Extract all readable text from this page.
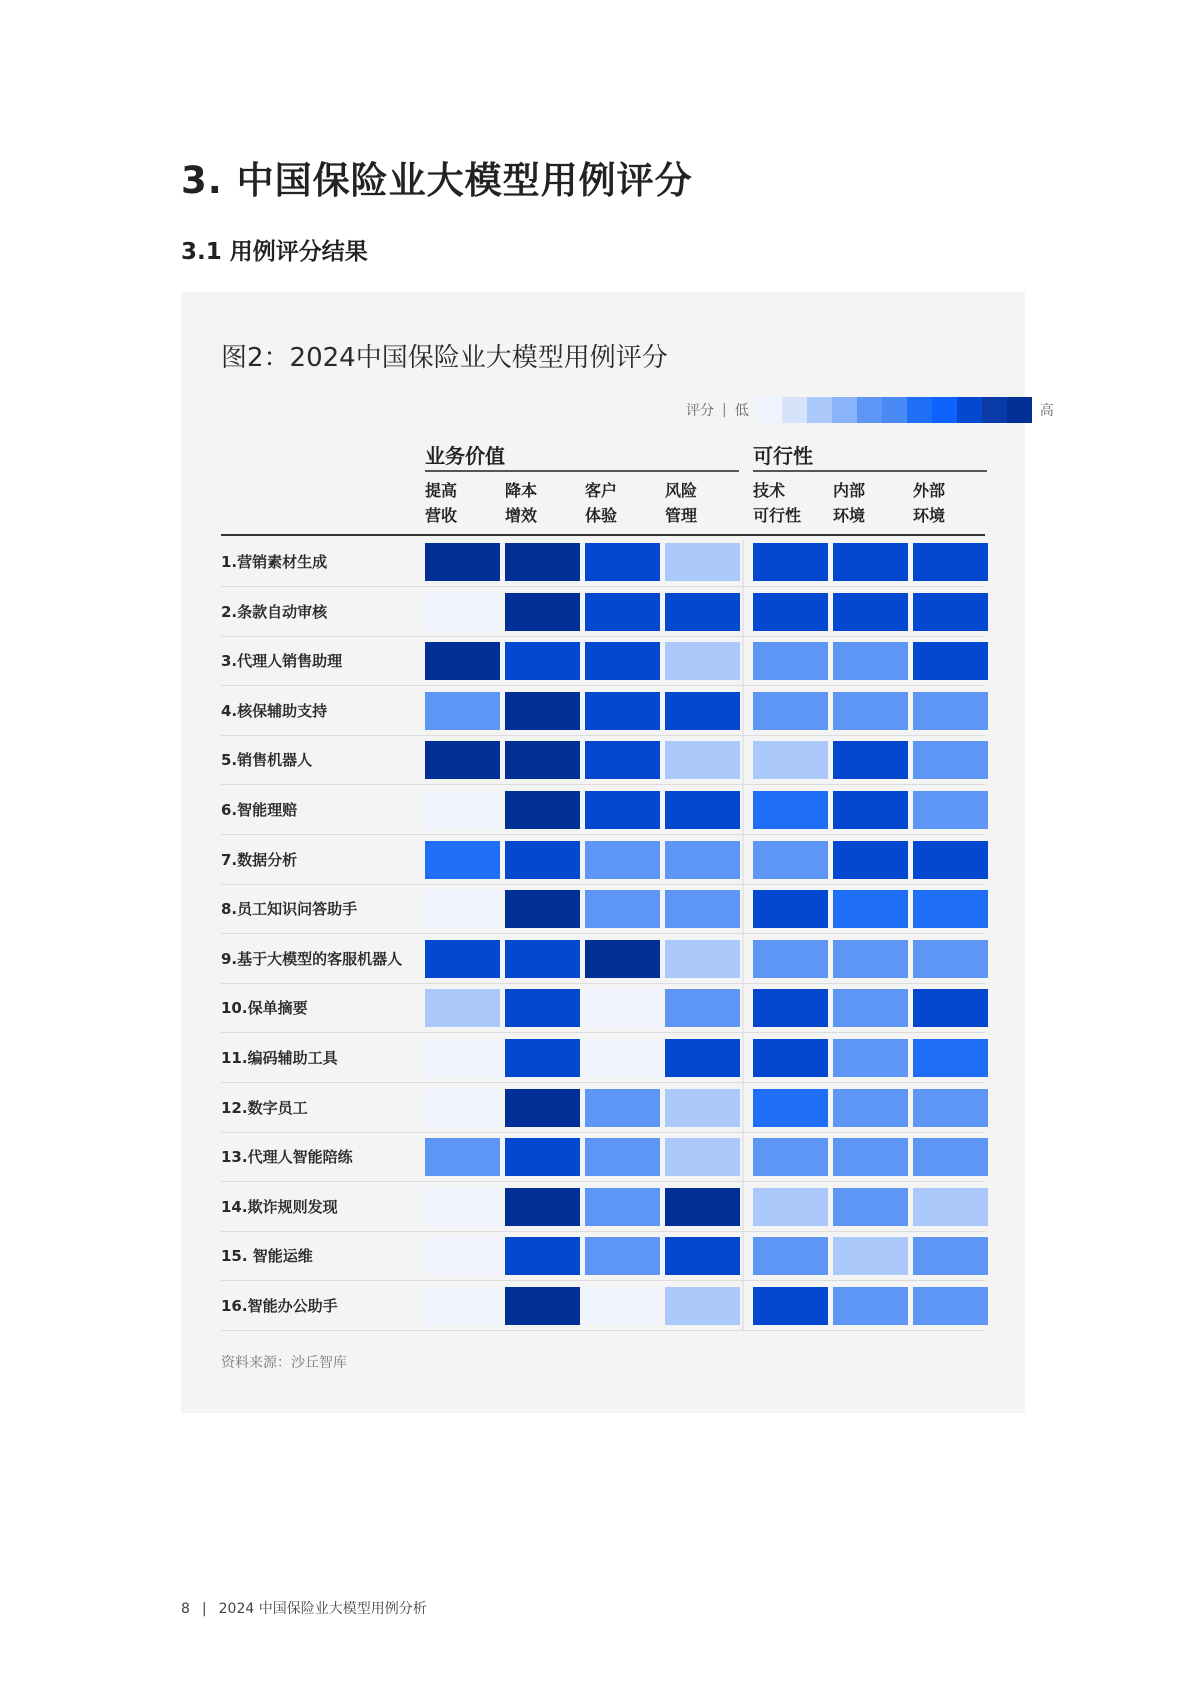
3. 中国保险业大模型用例评分
3.1 用例评分结果
图2：2024中国保险业大模型用例评分
评分 | 低	高
业务价值	可行性
提高
营收
降本
增效
客户
体验
风险
管理
技术
可行性
内部
环境
外部
环境
1.营销素材生成
2.条款自动审核
3.代理人销售助理
4.核保辅助支持
5.销售机器人
6.智能理赔
7.数据分析
8.员工知识问答助手
9.基于大模型的客服机器人
10.保单摘要
11.编码辅助工具
12.数字员工
13.代理人智能陪练
14.欺诈规则发现
15. 智能运维
16.智能办公助手
资料来源：沙丘智库
8 | 2024 中国保险业大模型用例分析
